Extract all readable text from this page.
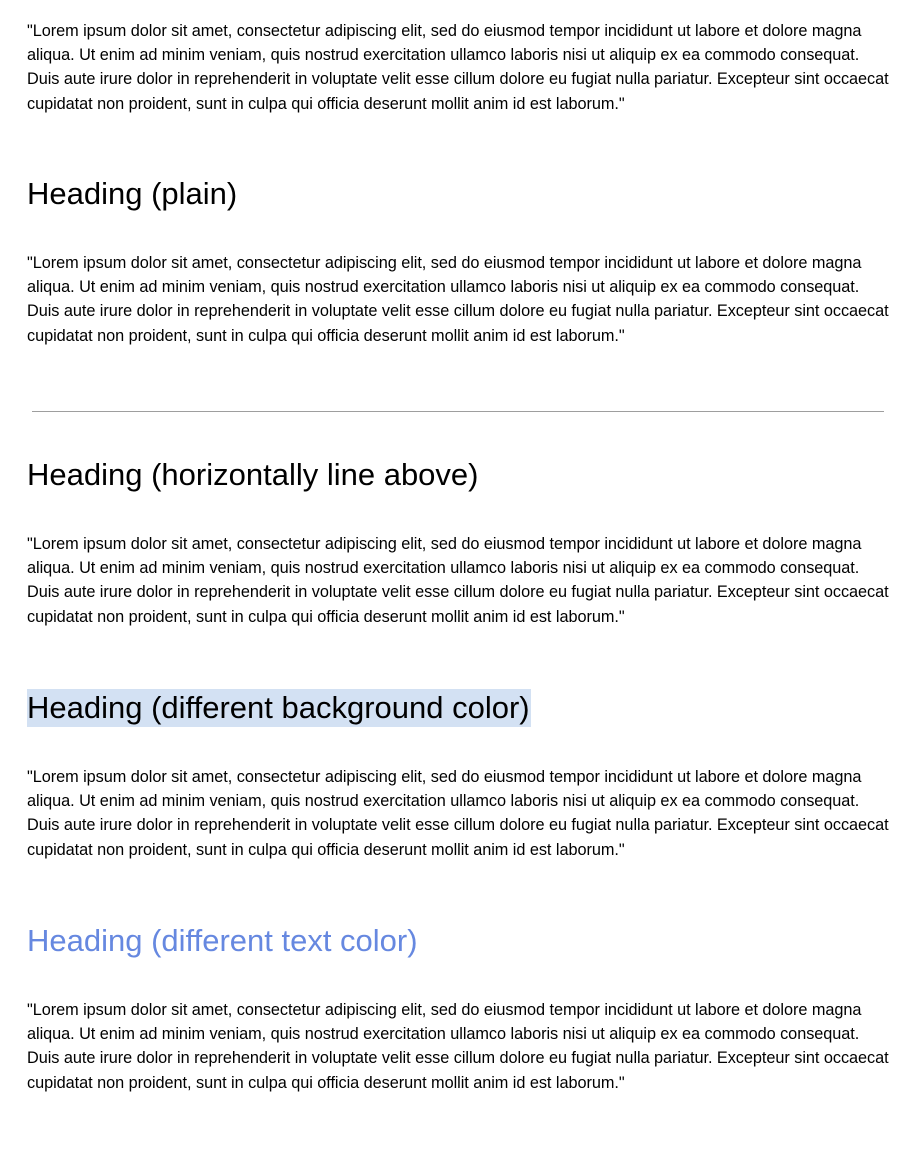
"Lorem ipsum dolor sit amet, consectetur adipiscing elit, sed do eiusmod tempor incididunt ut labore et dolore magna aliqua. Ut enim ad minim veniam, quis nostrud exercitation ullamco laboris nisi ut aliquip ex ea commodo consequat. Duis aute irure dolor in reprehenderit in voluptate velit esse cillum dolore eu fugiat nulla pariatur. Excepteur sint occaecat cupidatat non proident, sunt in culpa qui officia deserunt mollit anim id est laborum."

Heading (plain)

"Lorem ipsum dolor sit amet, consectetur adipiscing elit, sed do eiusmod tempor incididunt ut labore et dolore magna aliqua. Ut enim ad minim veniam, quis nostrud exercitation ullamco laboris nisi ut aliquip ex ea commodo consequat. Duis aute irure dolor in reprehenderit in voluptate velit esse cillum dolore eu fugiat nulla pariatur. Excepteur sint occaecat cupidatat non proident, sunt in culpa qui officia deserunt mollit anim id est laborum."

Heading (horizontally line above)

"Lorem ipsum dolor sit amet, consectetur adipiscing elit, sed do eiusmod tempor incididunt ut labore et dolore magna aliqua. Ut enim ad minim veniam, quis nostrud exercitation ullamco laboris nisi ut aliquip ex ea commodo consequat. Duis aute irure dolor in reprehenderit in voluptate velit esse cillum dolore eu fugiat nulla pariatur. Excepteur sint occaecat cupidatat non proident, sunt in culpa qui officia deserunt mollit anim id est laborum."

Heading (different background color)

"Lorem ipsum dolor sit amet, consectetur adipiscing elit, sed do eiusmod tempor incididunt ut labore et dolore magna aliqua. Ut enim ad minim veniam, quis nostrud exercitation ullamco laboris nisi ut aliquip ex ea commodo consequat. Duis aute irure dolor in reprehenderit in voluptate velit esse cillum dolore eu fugiat nulla pariatur. Excepteur sint occaecat cupidatat non proident, sunt in culpa qui officia deserunt mollit anim id est laborum."

Heading (different text color)

"Lorem ipsum dolor sit amet, consectetur adipiscing elit, sed do eiusmod tempor incididunt ut labore et dolore magna aliqua. Ut enim ad minim veniam, quis nostrud exercitation ullamco laboris nisi ut aliquip ex ea commodo consequat. Duis aute irure dolor in reprehenderit in voluptate velit esse cillum dolore eu fugiat nulla pariatur. Excepteur sint occaecat cupidatat non proident, sunt in culpa qui officia deserunt mollit anim id est laborum."
